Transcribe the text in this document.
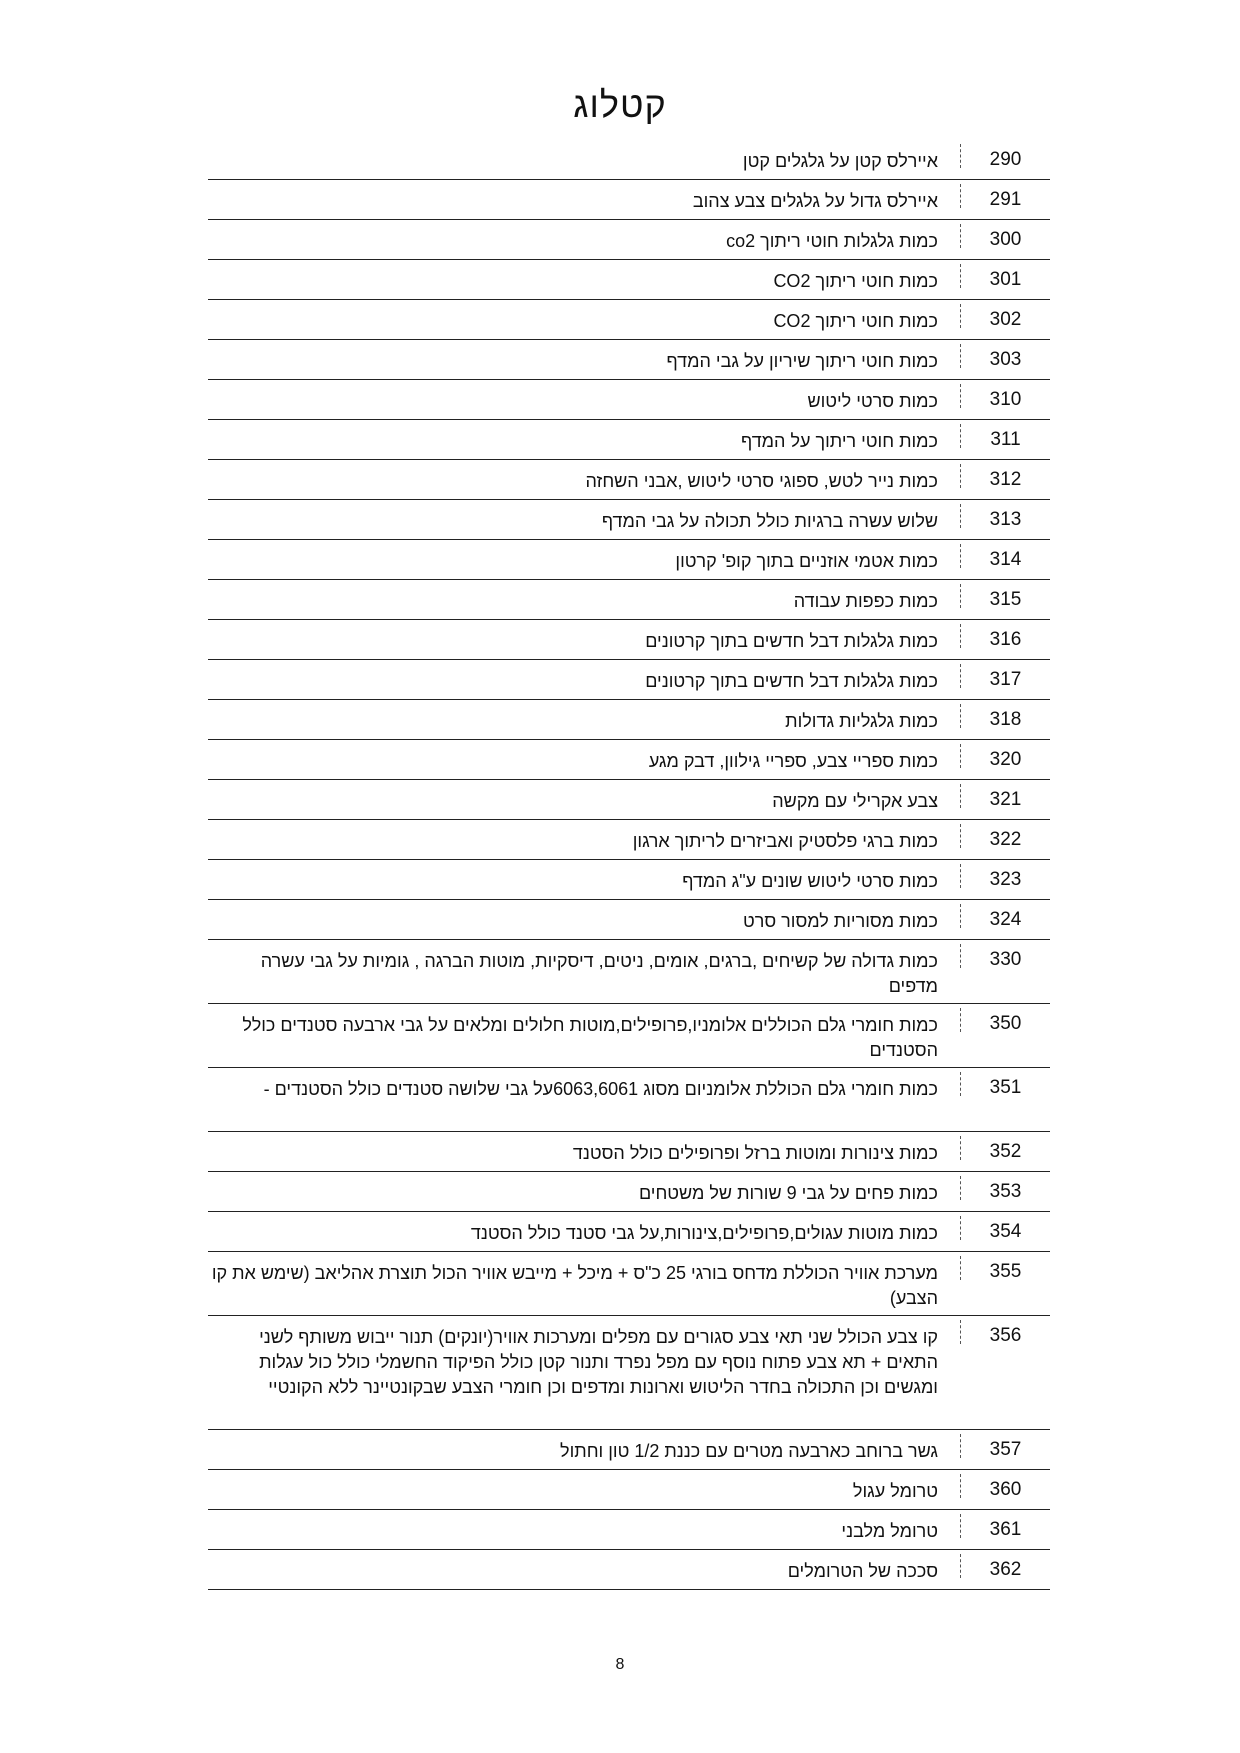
קטלוג
290
איירלס קטן על גלגלים קטן
291
איירלס גדול על גלגלים צבע צהוב
300
כמות גלגלות חוטי ריתוך co2
301
כמות חוטי ריתוך CO2
302
כמות חוטי ריתוך CO2
303
כמות חוטי ריתוך שיריון על גבי המדף
310
כמות סרטי ליטוש
311
כמות חוטי ריתוך על המדף
312
כמות נייר לטש, ספוגי סרטי ליטוש ,אבני השחזה
313
שלוש עשרה ברגיות כולל תכולה על גבי המדף
314
כמות אטמי אוזניים בתוך קופ' קרטון
315
כמות כפפות עבודה
316
כמות גלגלות דבל חדשים בתוך קרטונים
317
כמות גלגלות דבל חדשים בתוך קרטונים
318
כמות גלגליות גדולות
320
כמות ספריי צבע, ספריי גילוון, דבק מגע
321
צבע אקרילי עם מקשה
322
כמות ברגי פלסטיק ואביזרים לריתוך ארגון
323
כמות סרטי ליטוש שונים ע"ג המדף
324
כמות מסוריות למסור סרט
330
כמות גדולה של קשיחים ,ברגים, אומים, ניטים, דיסקיות, מוטות הברגה , גומיות על גבי עשרה מדפים
350
כמות חומרי גלם הכוללים אלומניו,פרופילים,מוטות חלולים ומלאים על גבי ארבעה סטנדים כולל הסטנדים
351
כמות חומרי גלם הכוללת אלומניום מסוג 6063,6061על גבי שלושה סטנדים כולל הסטנדים -
352
כמות צינורות ומוטות ברזל ופרופילים כולל הסטנד
353
כמות פחים על גבי 9 שורות של משטחים
354
כמות מוטות עגולים,פרופילים,צינורות,על גבי סטנד כולל הסטנד
355
מערכת אוויר הכוללת מדחס בורגי 25 כ"ס + מיכל + מייבש אוויר הכול תוצרת אהליאב (שימש את קו הצבע)
356
קו צבע הכולל שני תאי צבע סגורים עם מפלים ומערכות אוויר(יונקים) תנור ייבוש משותף לשני התאים + תא צבע פתוח נוסף עם מפל נפרד ותנור קטן כולל הפיקוד החשמלי כולל כול עגלות ומגשים וכן התכולה בחדר הליטוש וארונות ומדפים וכן חומרי הצבע שבקונטיינר ללא הקונטיי
357
גשר ברוחב כארבעה מטרים עם כננת 1/2 טון וחתול
360
טרומל עגול
361
טרומל מלבני
362
סככה של הטרומלים
8
